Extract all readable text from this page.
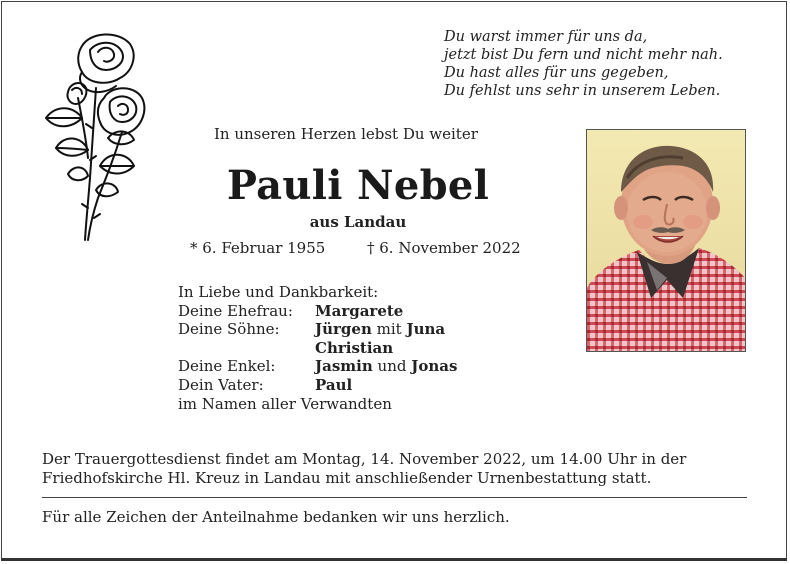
Du warst immer für uns da,
jetzt bist Du fern und nicht mehr nah.
Du hast alles für uns gegeben,
Du fehlst uns sehr in unserem Leben.
In unseren Herzen lebst Du weiter
Pauli Nebel
aus Landau
* 6. Februar 1955	† 6. November 2022
In Liebe und Dankbarkeit:
Deine Ehefrau: Margarete
Deine Söhne: Jürgen mit Juna
Christian
Deine Enkel:	Jasmin und Jonas
Dein Vater:	Paul
im Namen aller Verwandten
Der Trauergottesdienst findet am Montag, 14. November 2022, um 14.00 Uhr in der
Friedhofskirche Hl. Kreuz in Landau mit anschließender Urnenbestattung statt.
Für alle Zeichen der Anteilnahme bedanken wir uns herzlich.
